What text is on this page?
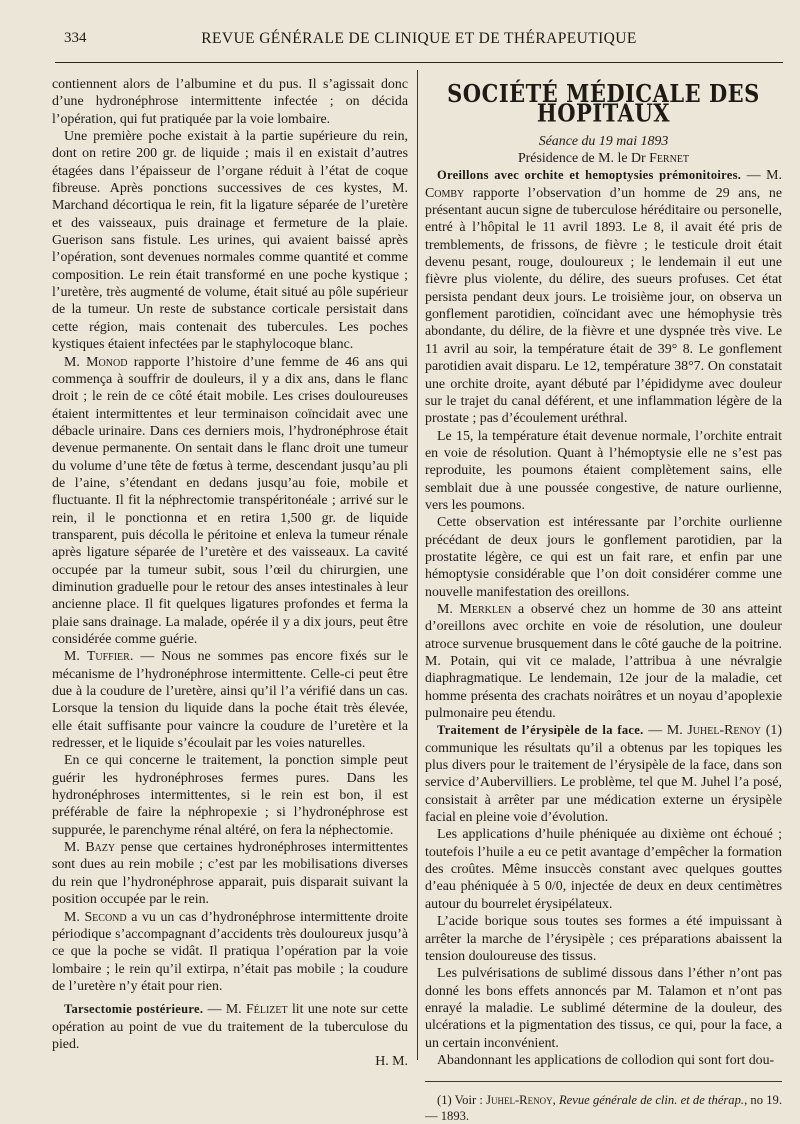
334	REVUE GÉNÉRALE DE CLINIQUE ET DE THÉRAPEUTIQUE

contiennent alors de l’albumine et du pus. Il s’agissait donc d’une hydronéphrose intermittente infectée ; on décida l’opération, qui fut pratiquée par la voie lombaire.

Une première poche existait à la partie supérieure du rein, dont on retire 200 gr. de liquide ; mais il en existait d’autres étagées dans l’épaisseur de l’organe réduit à l’état de coque fibreuse. Après ponctions successives de ces kystes, M. Marchand décortiqua le rein, fit la ligature séparée de l’uretère et des vaisseaux, puis drainage et fermeture de la plaie. Guerison sans fistule. Les urines, qui avaient baissé après l’opération, sont devenues normales comme quantité et comme composition. Le rein était transformé en une poche kystique ; l’uretère, très augmenté de volume, était situé au pôle supérieur de la tumeur. Un reste de substance corticale persistait dans cette région, mais contenait des tubercules. Les poches kystiques étaient infectées par le staphylocoque blanc.

M. Monod rapporte l’histoire d’une femme de 46 ans qui commença à souffrir de douleurs, il y a dix ans, dans le flanc droit ; le rein de ce côté était mobile. Les crises douloureuses étaient intermittentes et leur terminaison coïncidait avec une débacle urinaire. Dans ces derniers mois, l’hydronéphrose était devenue permanente. On sentait dans le flanc droit une tumeur du volume d’une tête de fœtus à terme, descendant jusqu’au pli de l’aine, s’étendant en dedans jusqu’au foie, mobile et fluctuante. Il fit la néphrectomie transpéritonéale ; arrivé sur le rein, il le ponctionna et en retira 1,500 gr. de liquide transparent, puis décolla le péritoine et enleva la tumeur rénale après ligature séparée de l’uretère et des vaisseaux. La cavité occupée par la tumeur subit, sous l’œil du chirurgien, une diminution graduelle pour le retour des anses intestinales à leur ancienne place. Il fit quelques ligatures profondes et ferma la plaie sans drainage. La malade, opérée il y a dix jours, peut être considérée comme guérie.

M. Tuffier. — Nous ne sommes pas encore fixés sur le mécanisme de l’hydronéphrose intermittente. Celle-ci peut être due à la coudure de l’uretère, ainsi qu’il l’a vérifié dans un cas. Lorsque la tension du liquide dans la poche était très élevée, elle était suffisante pour vaincre la coudure de l’uretère et la redresser, et le liquide s’écoulait par les voies naturelles.

En ce qui concerne le traitement, la ponction simple peut guérir les hydronéphroses fermes pures. Dans les hydronéphroses intermittentes, si le rein est bon, il est préférable de faire la néphropexie ; si l’hydronéphrose est suppurée, le parenchyme rénal altéré, on fera la néphectomie.

M. Bazy pense que certaines hydronéphroses intermittentes sont dues au rein mobile ; c’est par les mobilisations diverses du rein que l’hydronéphrose apparait, puis disparait suivant la position occupée par le rein.

M. Second a vu un cas d’hydronéphrose intermittente droite périodique s’accompagnant d’accidents très douloureux jusqu’à ce que la poche se vidât. Il pratiqua l’opération par la voie lombaire ; le rein qu’il extirpa, n’était pas mobile ; la coudure de l’uretère n’y était pour rien.

Tarsectomie postérieure. — M. Félizet lit une note sur cette opération au point de vue du traitement de la tuberculose du pied.

H. M.

SOCIÉTÉ MÉDICALE DES HOPITAUX

Séance du 19 mai 1893

Présidence de M. le Dr Fernet

Oreillons avec orchite et hemoptysies prémonitoires. — M. Comby rapporte l’observation d’un homme de 29 ans, ne présentant aucun signe de tuberculose héréditaire ou personelle, entré à l’hôpital le 11 avril 1893. Le 8, il avait été pris de tremblements, de frissons, de fièvre ; le testicule droit était devenu pesant, rouge, douloureux ; le lendemain il eut une fièvre plus violente, du délire, des sueurs profuses. Cet état persista pendant deux jours. Le troisième jour, on observa un gonflement parotidien, coïncidant avec une hémophysie très abondante, du délire, de la fièvre et une dyspnée très vive. Le 11 avril au soir, la température était de 39° 8. Le gonflement parotidien avait disparu. Le 12, température 38°7. On constatait une orchite droite, ayant débuté par l’épididyme avec douleur sur le trajet du canal déférent, et une inflammation légère de la prostate ; pas d’écoulement uréthral.

Le 15, la température était devenue normale, l’orchite entrait en voie de résolution. Quant à l’hémoptysie elle ne s’est pas reproduite, les poumons étaient complètement sains, elle semblait due à une poussée congestive, de nature ourlienne, vers les poumons.

Cette observation est intéressante par l’orchite ourlienne précédant de deux jours le gonflement parotidien, par la prostatite légère, ce qui est un fait rare, et enfin par une hémoptysie considérable que l’on doit considérer comme une nouvelle manifestation des oreillons.

M. Merklen a observé chez un homme de 30 ans atteint d’oreillons avec orchite en voie de résolution, une douleur atroce survenue brusquement dans le côté gauche de la poitrine. M. Potain, qui vit ce malade, l’attribua à une névralgie diaphragmatique. Le lendemain, 12e jour de la maladie, cet homme présenta des crachats noirâtres et un noyau d’apoplexie pulmonaire peu étendu.

Traitement de l’érysipèle de la face. — M. Juhel-Renoy (1) communique les résultats qu’il a obtenus par les topiques les plus divers pour le traitement de l’érysipèle de la face, dans son service d’Aubervilliers. Le problème, tel que M. Juhel l’a posé, consistait à arrêter par une médication externe un érysipèle facial en pleine voie d’évolution.

Les applications d’huile phéniquée au dixième ont échoué ; toutefois l’huile a eu ce petit avantage d’empêcher la formation des croûtes. Même insuccès constant avec quelques gouttes d’eau phéniquée à 5 0/0, injectée de deux en deux centimètres autour du bourrelet érysipélateux.

L’acide borique sous toutes ses formes a été impuissant à arrêter la marche de l’érysipèle ; ces préparations abaissent la tension douloureuse des tissus.

Les pulvérisations de sublimé dissous dans l’éther n’ont pas donné les bons effets annoncés par M. Talamon et n’ont pas enrayé la maladie. Le sublimé détermine de la douleur, des ulcérations et la pigmentation des tissus, ce qui, pour la face, a un certain inconvénient.

Abandonnant les applications de collodion qui sont fort dou-

(1) Voir : Juhel-Renoy, Revue générale de clin. et de thérap., no 19. — 1893.
